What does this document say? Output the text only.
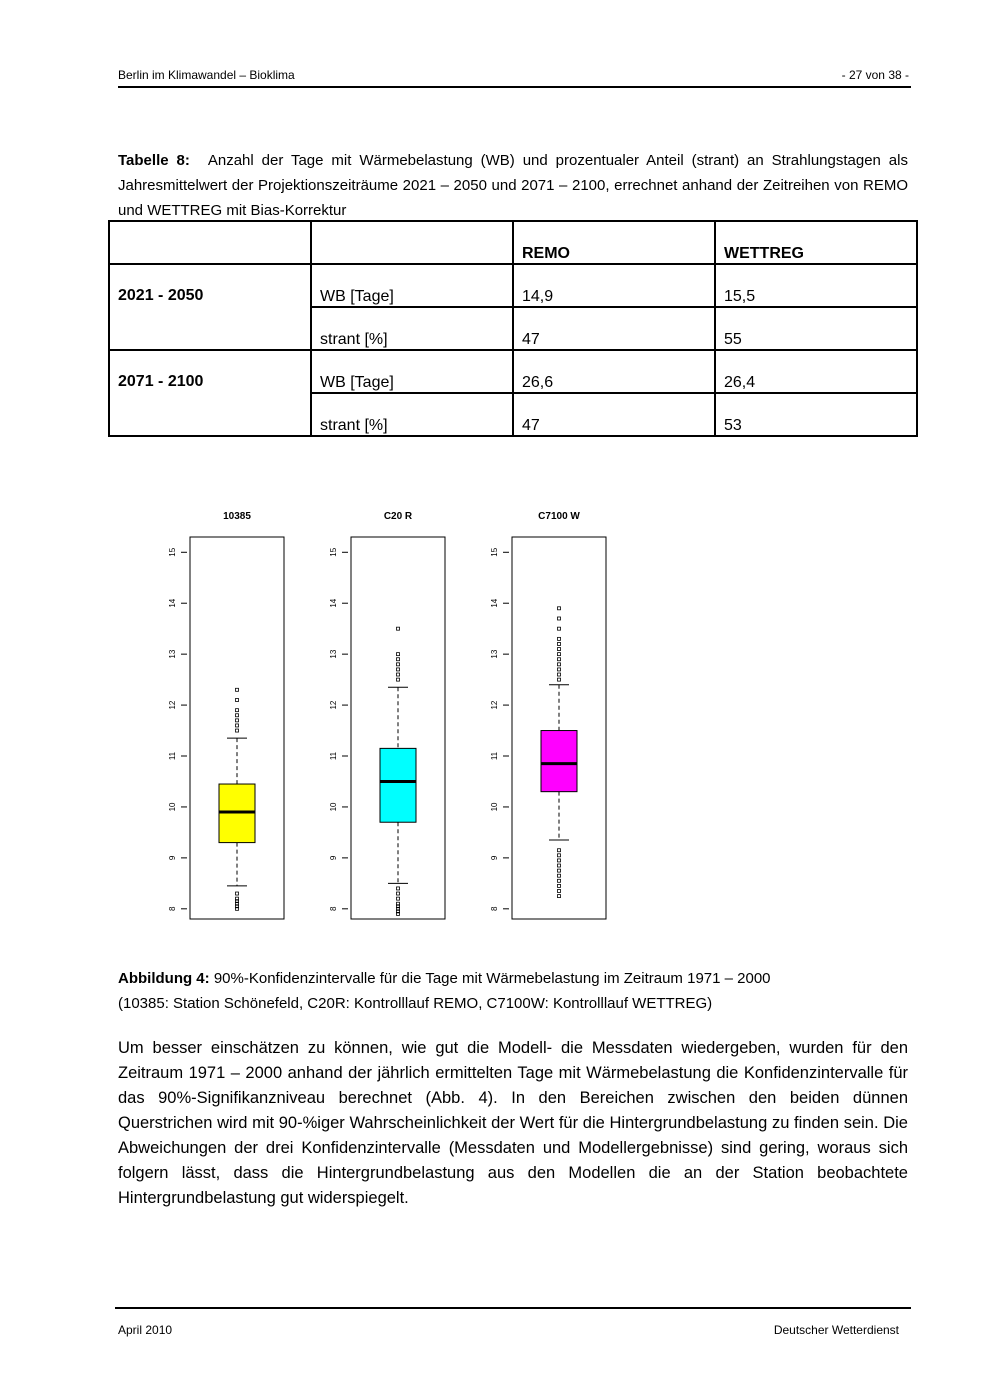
Berlin im Klimawandel – Bioklima	- 27 von 38 -
Tabelle 8: Anzahl der Tage mit Wärmebelastung (WB) und prozentualer Anteil (strant) an Strahlungstagen als Jahresmittelwert der Projektionszeiträume 2021 – 2050 und 2071 – 2100, errechnet anhand der Zeitreihen von REMO und WETTREG mit Bias-Korrektur
		REMO	WETTREG
2021 - 2050	WB [Tage]	14,9	15,5
	strant [%]	47	55
2071 - 2100	WB [Tage]	26,6	26,4
	strant [%]	47	53
10385
8
9
10
11
12
13
14
15
C20 R
8
9
10
11
12
13
14
15
C7100 W
8
9
10
11
12
13
14
15
Abbildung 4: 90%-Konfidenzintervalle für die Tage mit Wärmebelastung im Zeitraum 1971 – 2000
(10385: Station Schönefeld, C20R: Kontrolllauf REMO, C7100W: Kontrolllauf WETTREG)
Um besser einschätzen zu können, wie gut die Modell- die Messdaten wiedergeben, wurden für den Zeitraum 1971 – 2000 anhand der jährlich ermittelten Tage mit Wärmebelastung die Konfidenzintervalle für das 90%-Signifikanzniveau berechnet (Abb. 4). In den Bereichen zwischen den beiden dünnen Querstrichen wird mit 90-%iger Wahrscheinlichkeit der Wert für die Hintergrundbelastung zu finden sein. Die Abweichungen der drei Konfidenzintervalle (Messdaten und Modellergebnisse) sind gering, woraus sich folgern lässt, dass die Hintergrundbelastung aus den Modellen die an der Station beobachtete Hintergrundbelastung gut widerspiegelt.
April 2010	Deutscher Wetterdienst
